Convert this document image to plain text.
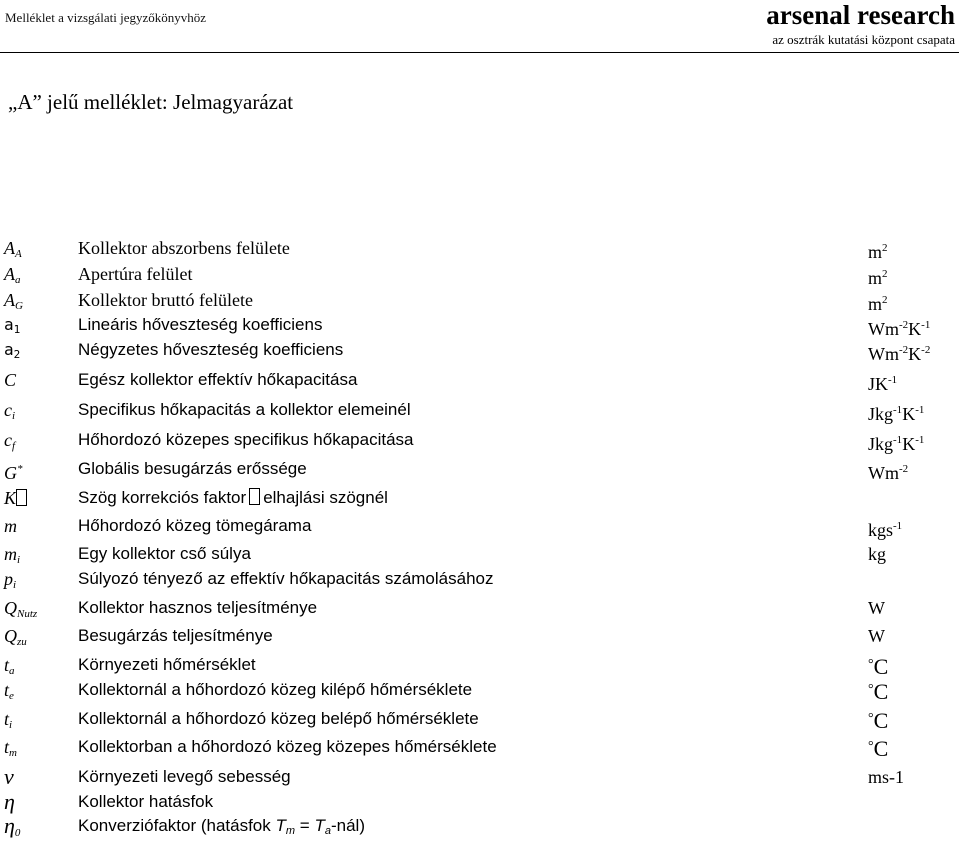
Melléklet a vizsgálati jegyzőkönyvhöz	arsenal research
az osztrák kutatási központ csapata
„A” jelű melléklet: Jelmagyarázat
$A_A$	Kollektor abszorbens felülete	$m^2$
$A_a$	Apertúra felület	$m^2$
$A_G$	Kollektor bruttó felülete	$m^2$
$a_1$	Lineáris hőveszteség koefficiens	$Wm^{-2}K^{-1}$
$a_2$	Négyzetes hőveszteség koefficiens	$Wm^{-2}K^{-2}$
C	Egész kollektor effektív hőkapacitása	$JK^{-1}$
$c_i$	Specifikus hőkapacitás a kollektor elemeinél	$Jkg^{-1}K^{-1}$
$c_f$	Hőhordozó közepes specifikus hőkapacitása	$Jkg^{-1}K^{-1}$
G*	Globális besugárzás erőssége	$Wm^{-2}$
K	Szög korrekciós faktor elhajlási szögnél
m	Hőhordozó közeg tömegárama	kgs$^{-1}$
$m_i$	Egy kollektor cső súlya	kg
$p_i$	Súlyozó tényező az effektív hőkapacitás számolásához
$Q_{Nutz}$ Kollektor hasznos teljesítménye	W
$Q_{zu}$	Besugárzás teljesítménye	W
$t_a$	Környezeti hőmérséklet	°C
$t_e$	Kollektornál a hőhordozó közeg kilépő hőmérséklete	°C
$t_i$	Kollektornál a hőhordozó közeg belépő hőmérséklete	°C
$t_m$	Kollektorban a hőhordozó közeg közepes hőmérséklete	°C
ν	Környezeti levegő sebesség	ms-1
η	Kollektor hatásfok
$\eta_0$	Konverziófaktor (hatásfok $T_m$ = $T_a-nál$)
